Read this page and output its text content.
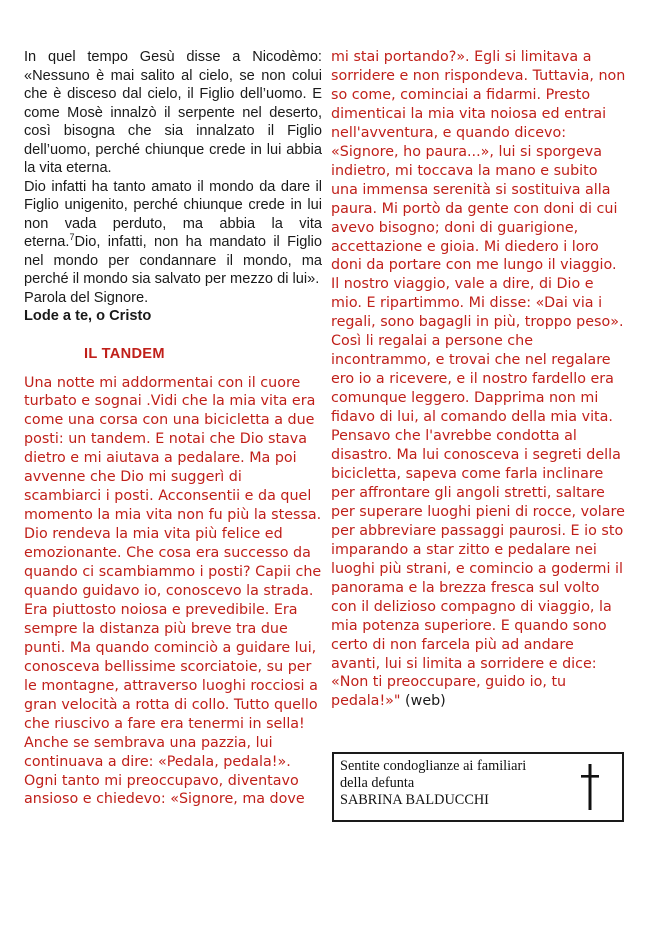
In quel tempo Gesù disse a Nicodèmo: «Nessuno è mai salito al cielo, se non colui che è disceso dal cielo, il Figlio dell’uomo. E come Mosè innalzò il serpente nel deserto, così bisogna che sia innalzato il Figlio dell’uomo, perché chiunque crede in lui abbia la vita eterna.

Dio infatti ha tanto amato il mondo da dare il Figlio unigenito, perché chiunque crede in lui non vada perduto, ma abbia la vita eterna.$^7$Dio, infatti, non ha mandato il Figlio nel mondo per condannare il mondo, ma perché il mondo sia salvato per mezzo di lui».

Parola del Signore.

Lode a te, o Cristo

IL TANDEM

Una notte mi addormentai con il cuore turbato e sognai .Vidi che la mia vita era come una corsa con una bicicletta a due posti: un tandem. E notai che Dio stava dietro e mi aiutava a pedalare. Ma poi avvenne che Dio mi suggerì di scambiarci i posti. Acconsentii e da quel momento la mia vita non fu più la stessa. Dio rendeva la mia vita più felice ed emozionante. Che cosa era successo da quando ci scambiammo i posti? Capii che quando guidavo io, conoscevo la strada. Era piuttosto noiosa e prevedibile. Era sempre la distanza più breve tra due punti. Ma quando cominciò a guidare lui, conosceva bellissime scorciatoie, su per le montagne, attraverso luoghi rocciosi a gran velocità a rotta di collo. Tutto quello che riuscivo a fare era tenermi in sella! Anche se sembrava una pazzia, lui continuava a dire: «Pedala, pedala!». Ogni tanto mi preoccupavo, diventavo ansioso e chiedevo: «Signore, ma dove

mi stai portando?». Egli si limitava a sorridere e non rispondeva. Tuttavia, non so come, cominciai a fidarmi. Presto dimenticai la mia vita noiosa ed entrai nell'avventura, e quando dicevo: «Signore, ho paura...», lui si sporgeva indietro, mi toccava la mano e subito una immensa serenità si sostituiva alla paura. Mi portò da gente con doni di cui avevo bisogno; doni di guarigione, accettazione e gioia. Mi diedero i loro doni da portare con me lungo il viaggio. Il nostro viaggio, vale a dire, di Dio e mio. E ripartimmo. Mi disse: «Dai via i regali, sono bagagli in più, troppo peso». Così li regalai a persone che incontrammo, e trovai che nel regalare ero io a ricevere, e il nostro fardello era comunque leggero. Dapprima non mi fidavo di lui, al comando della mia vita. Pensavo che l'avrebbe condotta al disastro. Ma lui conosceva i segreti della bicicletta, sapeva come farla inclinare per affrontare gli angoli stretti, saltare per superare luoghi pieni di rocce, volare per abbreviare passaggi paurosi. E io sto imparando a star zitto e pedalare nei luoghi più strani, e comincio a godermi il panorama e la brezza fresca sul volto con il delizioso compagno di viaggio, la mia potenza superiore. E quando sono certo di non farcela più ad andare avanti, lui si limita a sorridere e dice: «Non ti preoccupare, guido io, tu pedala!»" (web)

Sentite condoglianze ai familiari
della defunta
SABRINA BALDUCCHI
